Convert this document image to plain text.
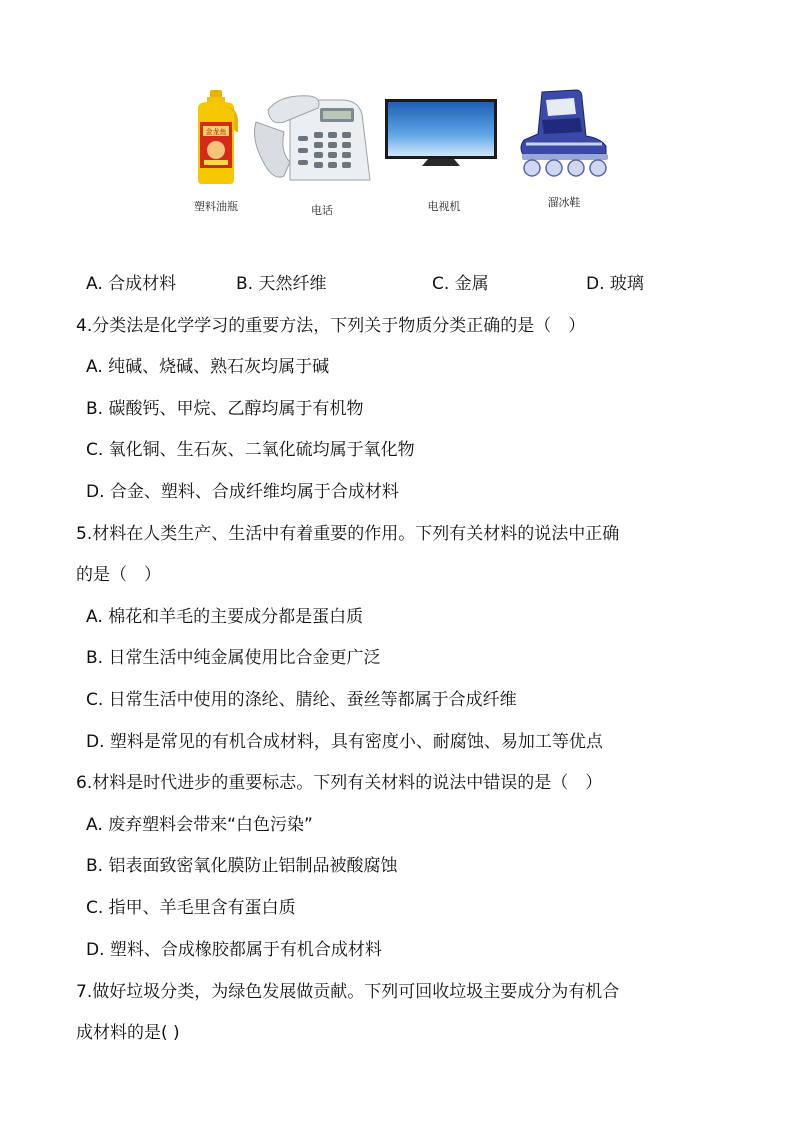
金龙鱼
塑料油瓶	电话	电视机	溜冰鞋
A. 合成材料	B. 天然纤维	C. 金属	D. 玻璃
4.分类法是化学学习的重要方法，下列关于物质分类正确的是（　）
A. 纯碱、烧碱、熟石灰均属于碱
B. 碳酸钙、甲烷、乙醇均属于有机物
C. 氧化铜、生石灰、二氧化硫均属于氧化物
D. 合金、塑料、合成纤维均属于合成材料
5.材料在人类生产、生活中有着重要的作用。下列有关材料的说法中正确
的是（　）
A. 棉花和羊毛的主要成分都是蛋白质
B. 日常生活中纯金属使用比合金更广泛
C. 日常生活中使用的涤纶、腈纶、蚕丝等都属于合成纤维
D. 塑料是常见的有机合成材料，具有密度小、耐腐蚀、易加工等优点
6.材料是时代进步的重要标志。下列有关材料的说法中错误的是（　）
A. 废弃塑料会带来“白色污染”
B. 铝表面致密氧化膜防止铝制品被酸腐蚀
C. 指甲、羊毛里含有蛋白质
D. 塑料、合成橡胶都属于有机合成材料
7.做好垃圾分类，为绿色发展做贡献。下列可回收垃圾主要成分为有机合
成材料的是( )
